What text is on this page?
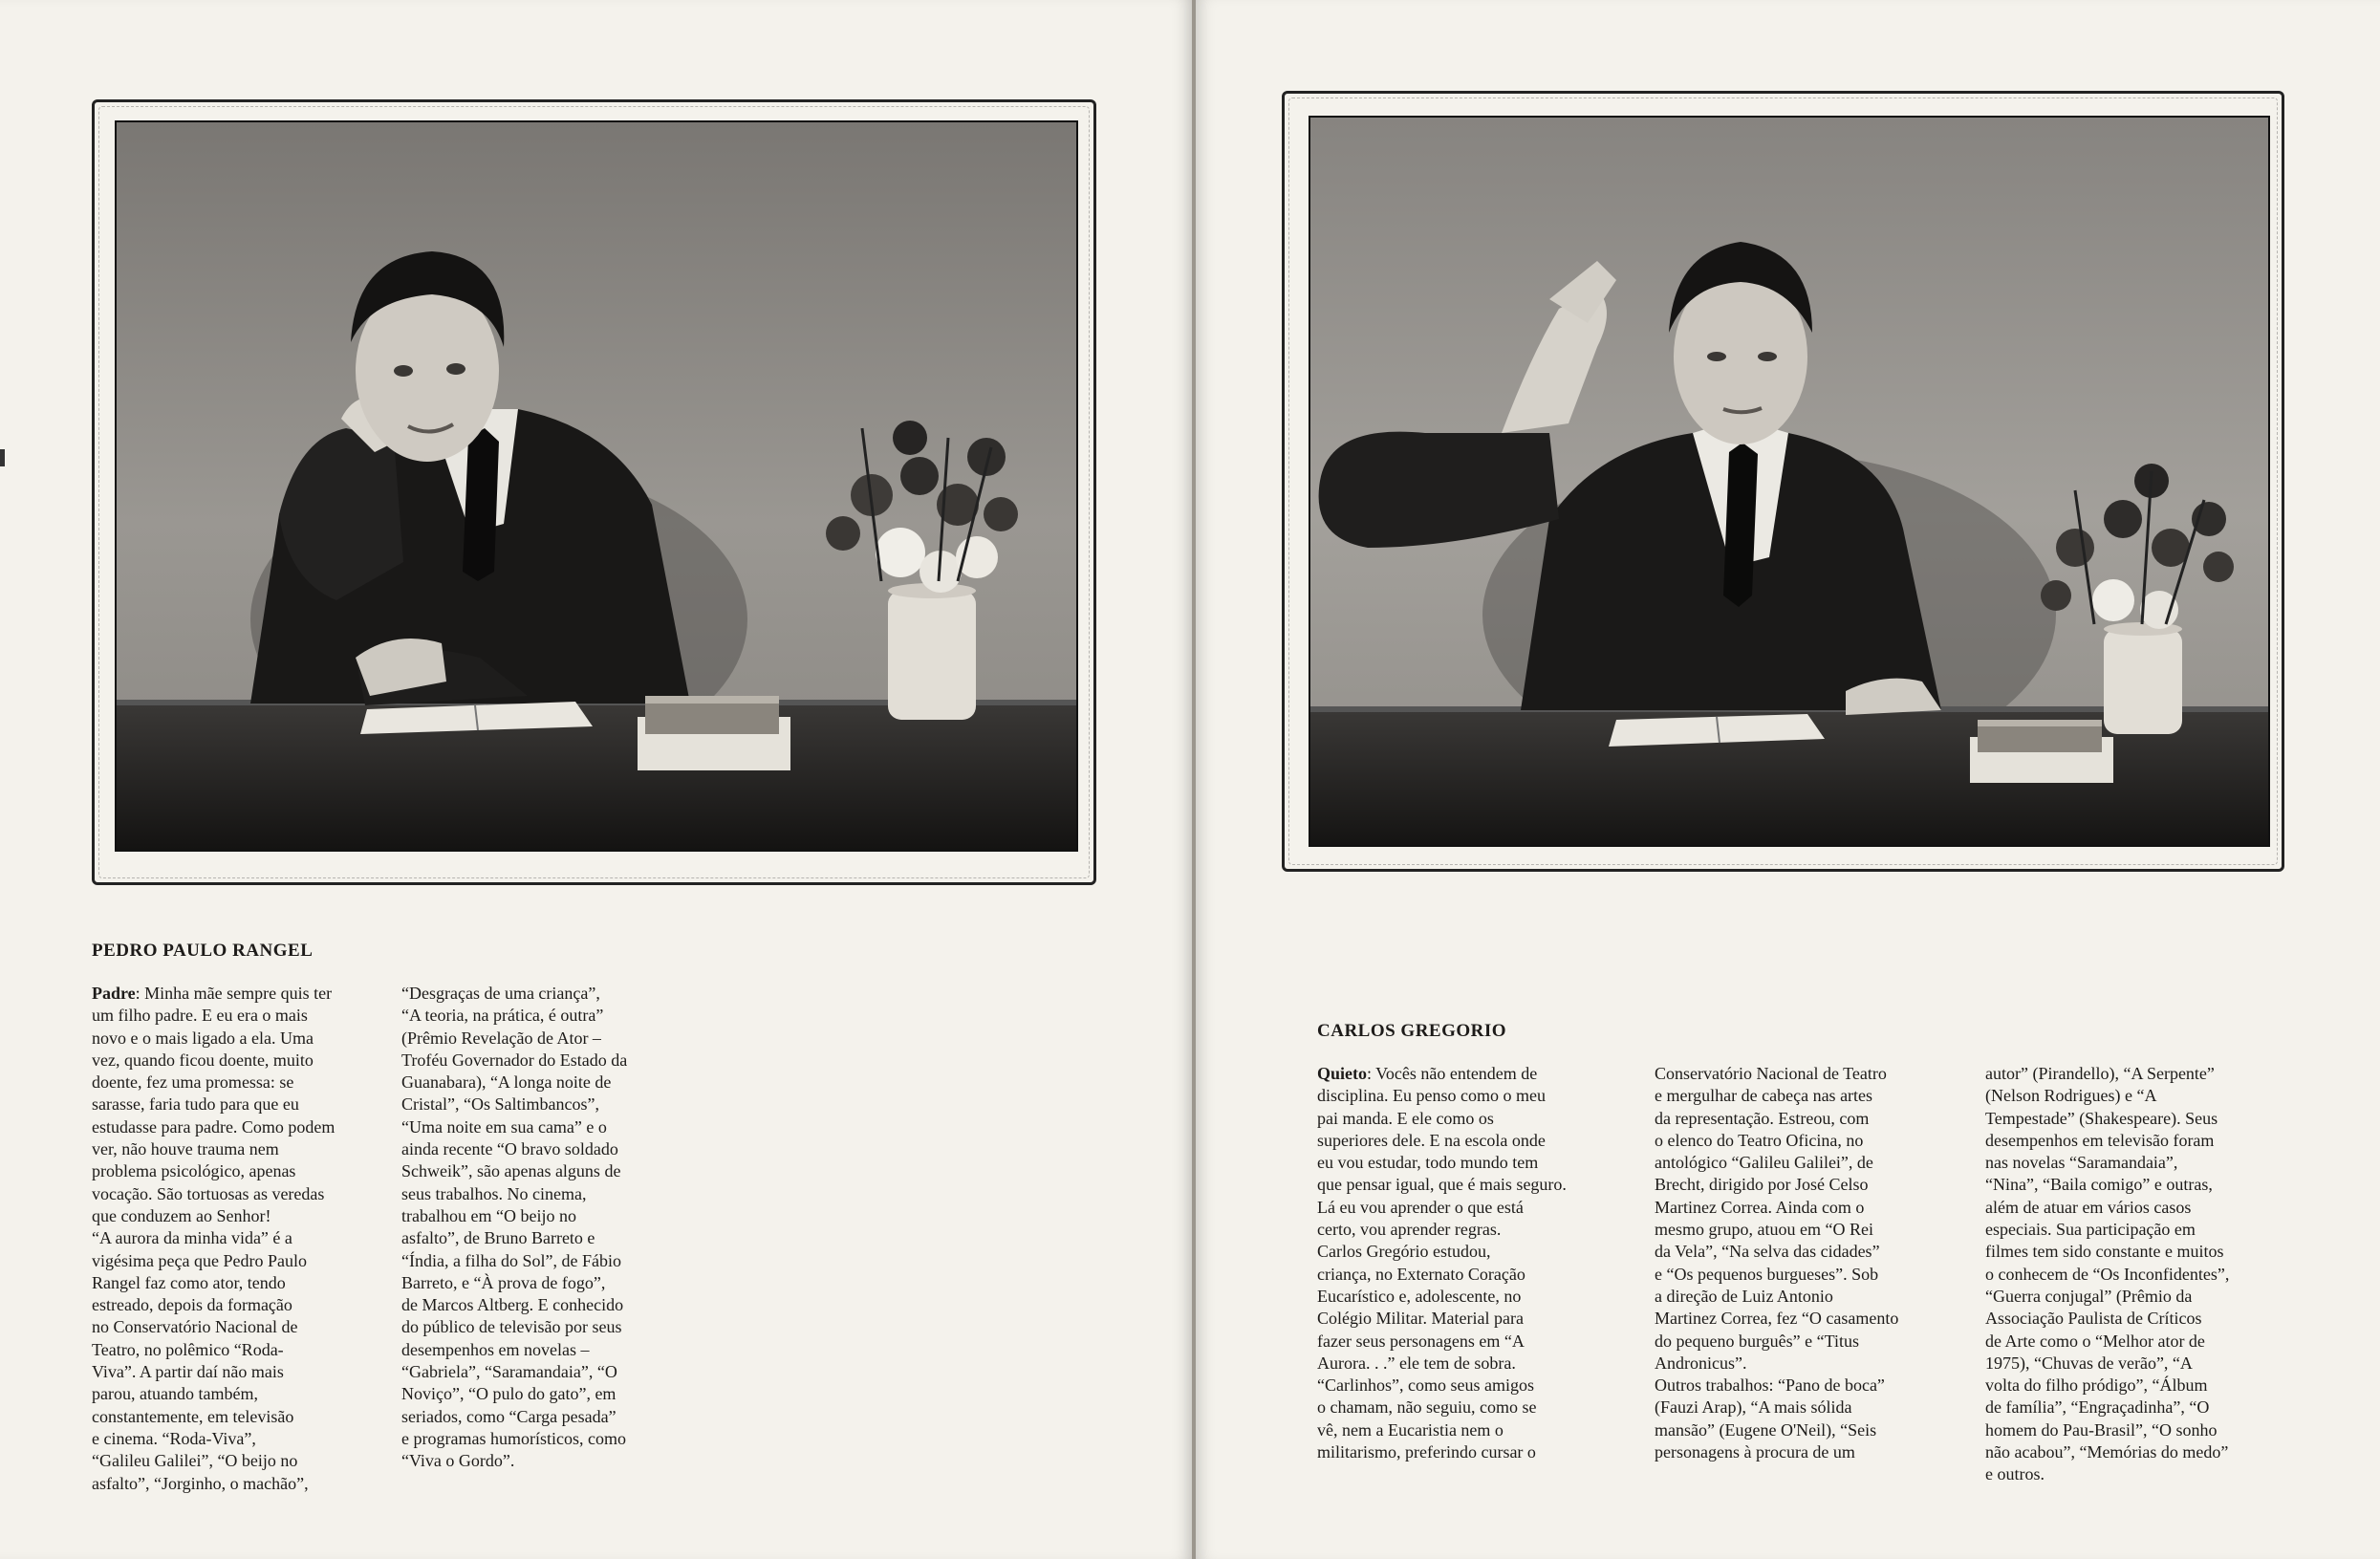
PEDRO PAULO RANGEL
Padre: Minha mãe sempre quis ter
um filho padre. E eu era o mais
novo e o mais ligado a ela. Uma
vez, quando ficou doente, muito
doente, fez uma promessa: se
sarasse, faria tudo para que eu
estudasse para padre. Como podem
ver, não houve trauma nem
problema psicológico, apenas
vocação. São tortuosas as veredas
que conduzem ao Senhor!
“A aurora da minha vida” é a
vigésima peça que Pedro Paulo
Rangel faz como ator, tendo
estreado, depois da formação
no Conservatório Nacional de
Teatro, no polêmico “Roda-
Viva”. A partir daí não mais
parou, atuando também,
constantemente, em televisão
e cinema. “Roda-Viva”,
“Galileu Galilei”, “O beijo no
asfalto”, “Jorginho, o machão”,
“Desgraças de uma criança”,
“A teoria, na prática, é outra”
(Prêmio Revelação de Ator –
Troféu Governador do Estado da
Guanabara), “A longa noite de
Cristal”, “Os Saltimbancos”,
“Uma noite em sua cama” e o
ainda recente “O bravo soldado
Schweik”, são apenas alguns de
seus trabalhos. No cinema,
trabalhou em “O beijo no
asfalto”, de Bruno Barreto e
“Índia, a filha do Sol”, de Fábio
Barreto, e “À prova de fogo”,
de Marcos Altberg. E conhecido
do público de televisão por seus
desempenhos em novelas –
“Gabriela”, “Saramandaia”, “O
Noviço”, “O pulo do gato”, em
seriados, como “Carga pesada”
e programas humorísticos, como
“Viva o Gordo”.
CARLOS GREGORIO
Quieto: Vocês não entendem de
disciplina. Eu penso como o meu
pai manda. E ele como os
superiores dele. E na escola onde
eu vou estudar, todo mundo tem
que pensar igual, que é mais seguro.
Lá eu vou aprender o que está
certo, vou aprender regras.
Carlos Gregório estudou,
criança, no Externato Coração
Eucarístico e, adolescente, no
Colégio Militar. Material para
fazer seus personagens em “A
Aurora. . .” ele tem de sobra.
“Carlinhos”, como seus amigos
o chamam, não seguiu, como se
vê, nem a Eucaristia nem o
militarismo, preferindo cursar o
Conservatório Nacional de Teatro
e mergulhar de cabeça nas artes
da representação. Estreou, com
o elenco do Teatro Oficina, no
antológico “Galileu Galilei”, de
Brecht, dirigido por José Celso
Martinez Correa. Ainda com o
mesmo grupo, atuou em “O Rei
da Vela”, “Na selva das cidades”
e “Os pequenos burgueses”. Sob
a direção de Luiz Antonio
Martinez Correa, fez “O casamento
do pequeno burguês” e “Titus
Andronicus”.
Outros trabalhos: “Pano de boca”
(Fauzi Arap), “A mais sólida
mansão” (Eugene O'Neil), “Seis
personagens à procura de um
autor” (Pirandello), “A Serpente”
(Nelson Rodrigues) e “A
Tempestade” (Shakespeare). Seus
desempenhos em televisão foram
nas novelas “Saramandaia”,
“Nina”, “Baila comigo” e outras,
além de atuar em vários casos
especiais. Sua participação em
filmes tem sido constante e muitos
o conhecem de “Os Inconfidentes”,
“Guerra conjugal” (Prêmio da
Associação Paulista de Críticos
de Arte como o “Melhor ator de
1975), “Chuvas de verão”, “A
volta do filho pródigo”, “Álbum
de família”, “Engraçadinha”, “O
homem do Pau-Brasil”, “O sonho
não acabou”, “Memórias do medo”
e outros.
